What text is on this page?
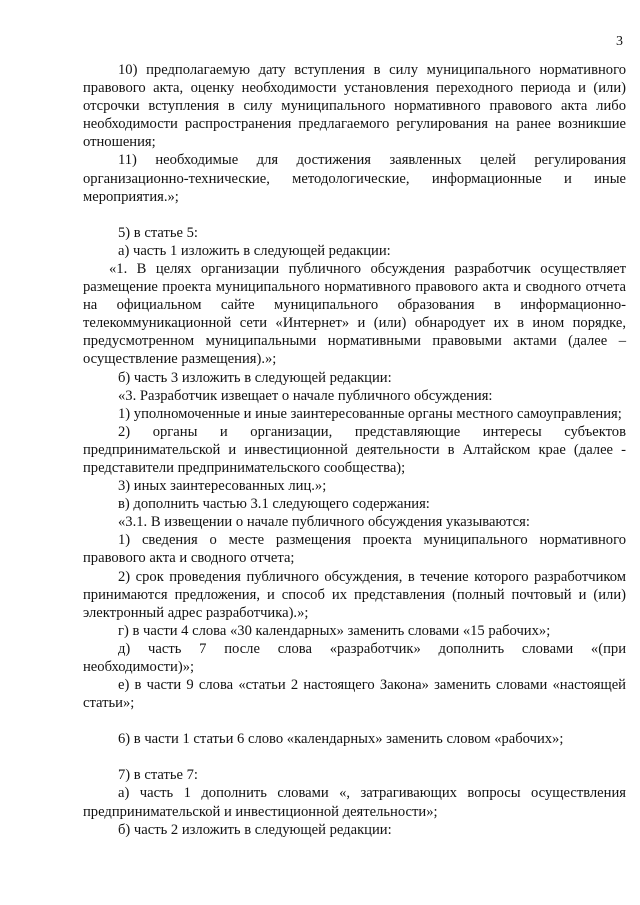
3

10) предполагаемую дату вступления в силу муниципального нормативного правового акта, оценку необходимости установления переходного периода и (или) отсрочки вступления в силу муниципального нормативного правового акта либо необходимости распространения предлагаемого регулирования на ранее возникшие отношения;

11) необходимые для достижения заявленных целей регулирования организационно-технические, методологические, информационные и иные мероприятия.»;

5) в статье 5:

а) часть 1 изложить в следующей редакции:

«1. В целях организации публичного обсуждения разработчик осуществляет размещение проекта муниципального нормативного правового акта и сводного отчета на официальном сайте муниципального образования в информационно-телекоммуникационной сети «Интернет» и (или) обнародует их в ином порядке, предусмотренном муниципальными нормативными правовыми актами (далее – осуществление размещения).»;

б) часть 3 изложить в следующей редакции:

«3. Разработчик извещает о начале публичного обсуждения:

1) уполномоченные и иные заинтересованные органы местного самоуправления;

2) органы и организации, представляющие интересы субъектов предпринимательской и инвестиционной деятельности в Алтайском крае (далее - представители предпринимательского сообщества);

3) иных заинтересованных лиц.»;

в) дополнить частью 3.1 следующего содержания:

«3.1. В извещении о начале публичного обсуждения указываются:

1) сведения о месте размещения проекта муниципального нормативного правового акта и сводного отчета;

2) срок проведения публичного обсуждения, в течение которого разработчиком принимаются предложения, и способ их представления (полный почтовый и (или) электронный адрес разработчика).»;

г) в части 4 слова «30 календарных» заменить словами «15 рабочих»;

д) часть 7 после слова «разработчик» дополнить словами «(при необходимости)»;

е) в части 9 слова «статьи 2 настоящего Закона» заменить словами «настоящей статьи»;

6) в части 1 статьи 6 слово «календарных» заменить словом «рабочих»;

7) в статье 7:

а) часть 1 дополнить словами «, затрагивающих вопросы осуществления предпринимательской и инвестиционной деятельности»;

б) часть 2 изложить в следующей редакции:
